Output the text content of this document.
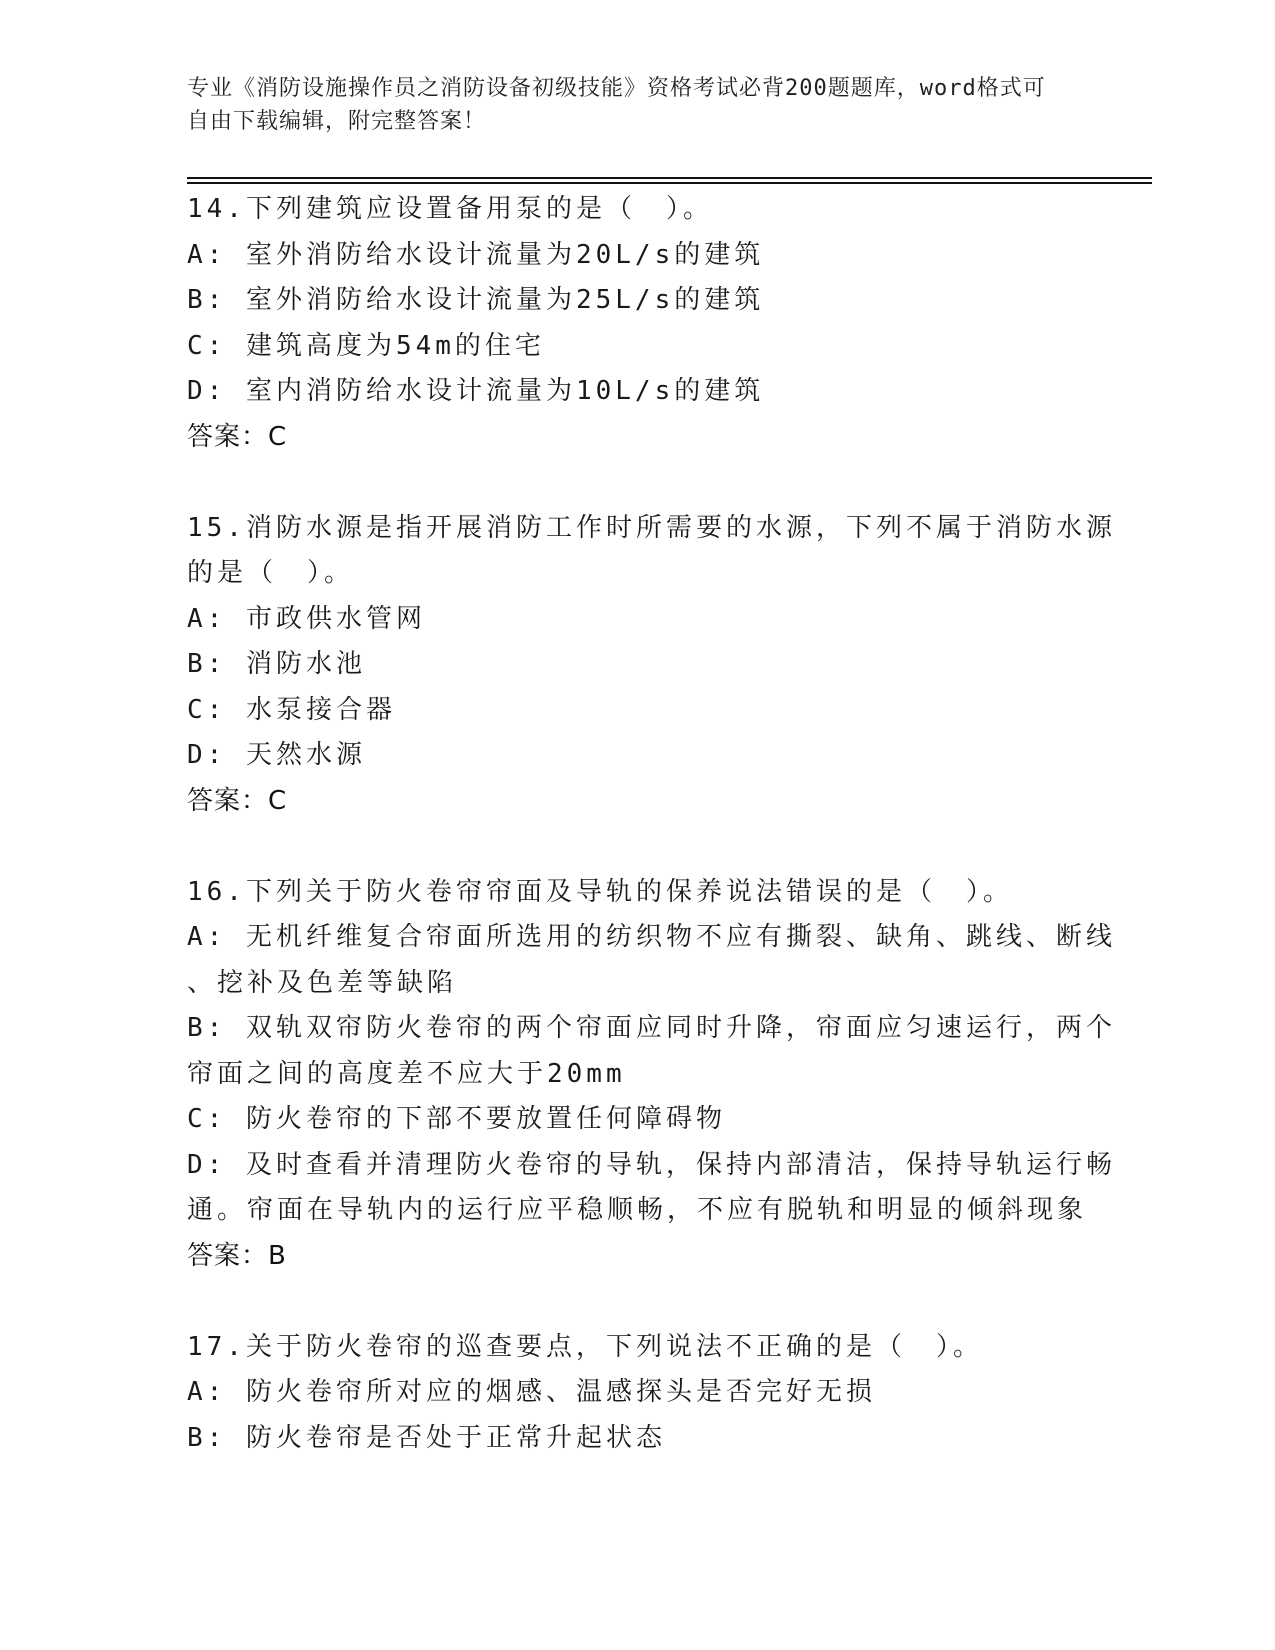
专业《消防设施操作员之消防设备初级技能》资格考试必背200题题库，word格式可自由下载编辑，附完整答案！
14.下列建筑应设置备用泵的是（　）。
A: 室外消防给水设计流量为20L/s的建筑
B: 室外消防给水设计流量为25L/s的建筑
C: 建筑高度为54m的住宅
D: 室内消防给水设计流量为10L/s的建筑
答案：C
15.消防水源是指开展消防工作时所需要的水源，下列不属于消防水源
的是（　）。
A: 市政供水管网
B: 消防水池
C: 水泵接合器
D: 天然水源
答案：C
16.下列关于防火卷帘帘面及导轨的保养说法错误的是（　）。
A: 无机纤维复合帘面所选用的纺织物不应有撕裂、缺角、跳线、断线
、挖补及色差等缺陷
B: 双轨双帘防火卷帘的两个帘面应同时升降，帘面应匀速运行，两个
帘面之间的高度差不应大于20mm
C: 防火卷帘的下部不要放置任何障碍物
D: 及时查看并清理防火卷帘的导轨，保持内部清洁，保持导轨运行畅
通。帘面在导轨内的运行应平稳顺畅，不应有脱轨和明显的倾斜现象
答案：B
17.关于防火卷帘的巡查要点，下列说法不正确的是（　）。
A: 防火卷帘所对应的烟感、温感探头是否完好无损
B: 防火卷帘是否处于正常升起状态
